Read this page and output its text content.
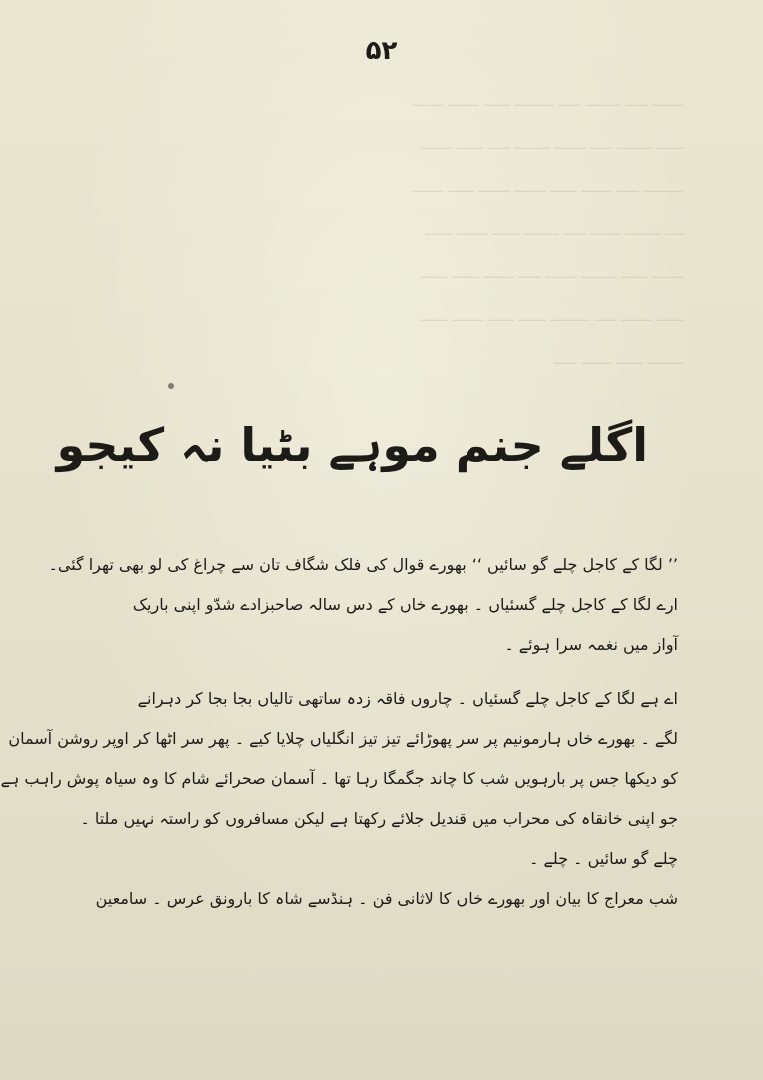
ـــــــ ـــــ ــــــــ ـــــ ـــــــــ ــــــ ـــــــ ـــــــ
ــــــ ــــــــ ـــــ ـــــــ ــــــــ ـــــ ــــــ ـــــــ
ـــــــــ ـــــ ـــــــ ــــــ ـــــــ ـــــــ ــــــ ـــــــ
ــــ ــــــــ ـــــــ ـــــ ــــــــ ــــــ ـــــــ ــــــ
ـــــــ ــــــ ــــــــ ـــــــ ـــــ ـــــــ ــــــ ــــــ
ــــــ ـــــــ ـــــ ـــــــــ ــــــ ــــــ ـــــــ ــــــ
ــــــــ ــــــ ـــــــ ـــــ
۵۲
اگلے جنم موہے بٹیا نہ کیجو
’’ لگا کے کاجل چلے گو سائیں ‘‘ بھورے قوال کی فلک شگاف تان سے چراغ کی لو بھی تھرا گئی۔
ارے لگا کے کاجل چلے گسئیاں ۔ بھورے خاں کے دس سالہ صاحبزادے شدّو اپنی باریک
آواز میں نغمہ سرا ہوئے ۔
اے ہے لگا کے کاجل چلے گسئیاں ۔ چاروں فاقہ زدہ ساتھی تالیاں بجا بجا کر دہرانے
لگے ۔ بھورے خاں ہارمونیم پر سر پھوڑائے تیز تیز انگلیاں چلایا کیے ۔ پھر سر اٹھا کر اوپر روشن آسمان
کو دیکھا جس پر بارہویں شب کا چاند جگمگا رہا تھا ۔ آسمان صحرائے شام کا وہ سیاہ پوش راہب ہے
جو اپنی خانقاہ کی محراب میں قندیل جلائے رکھتا ہے لیکن مسافروں کو راستہ نہیں ملتا ۔
چلے گو سائیں ۔ چلے ۔
شب معراج کا بیان اور بھورے خاں کا لاثانی فن ۔ ہنڈسے شاہ کا بارونق عرس ۔ سامعین
